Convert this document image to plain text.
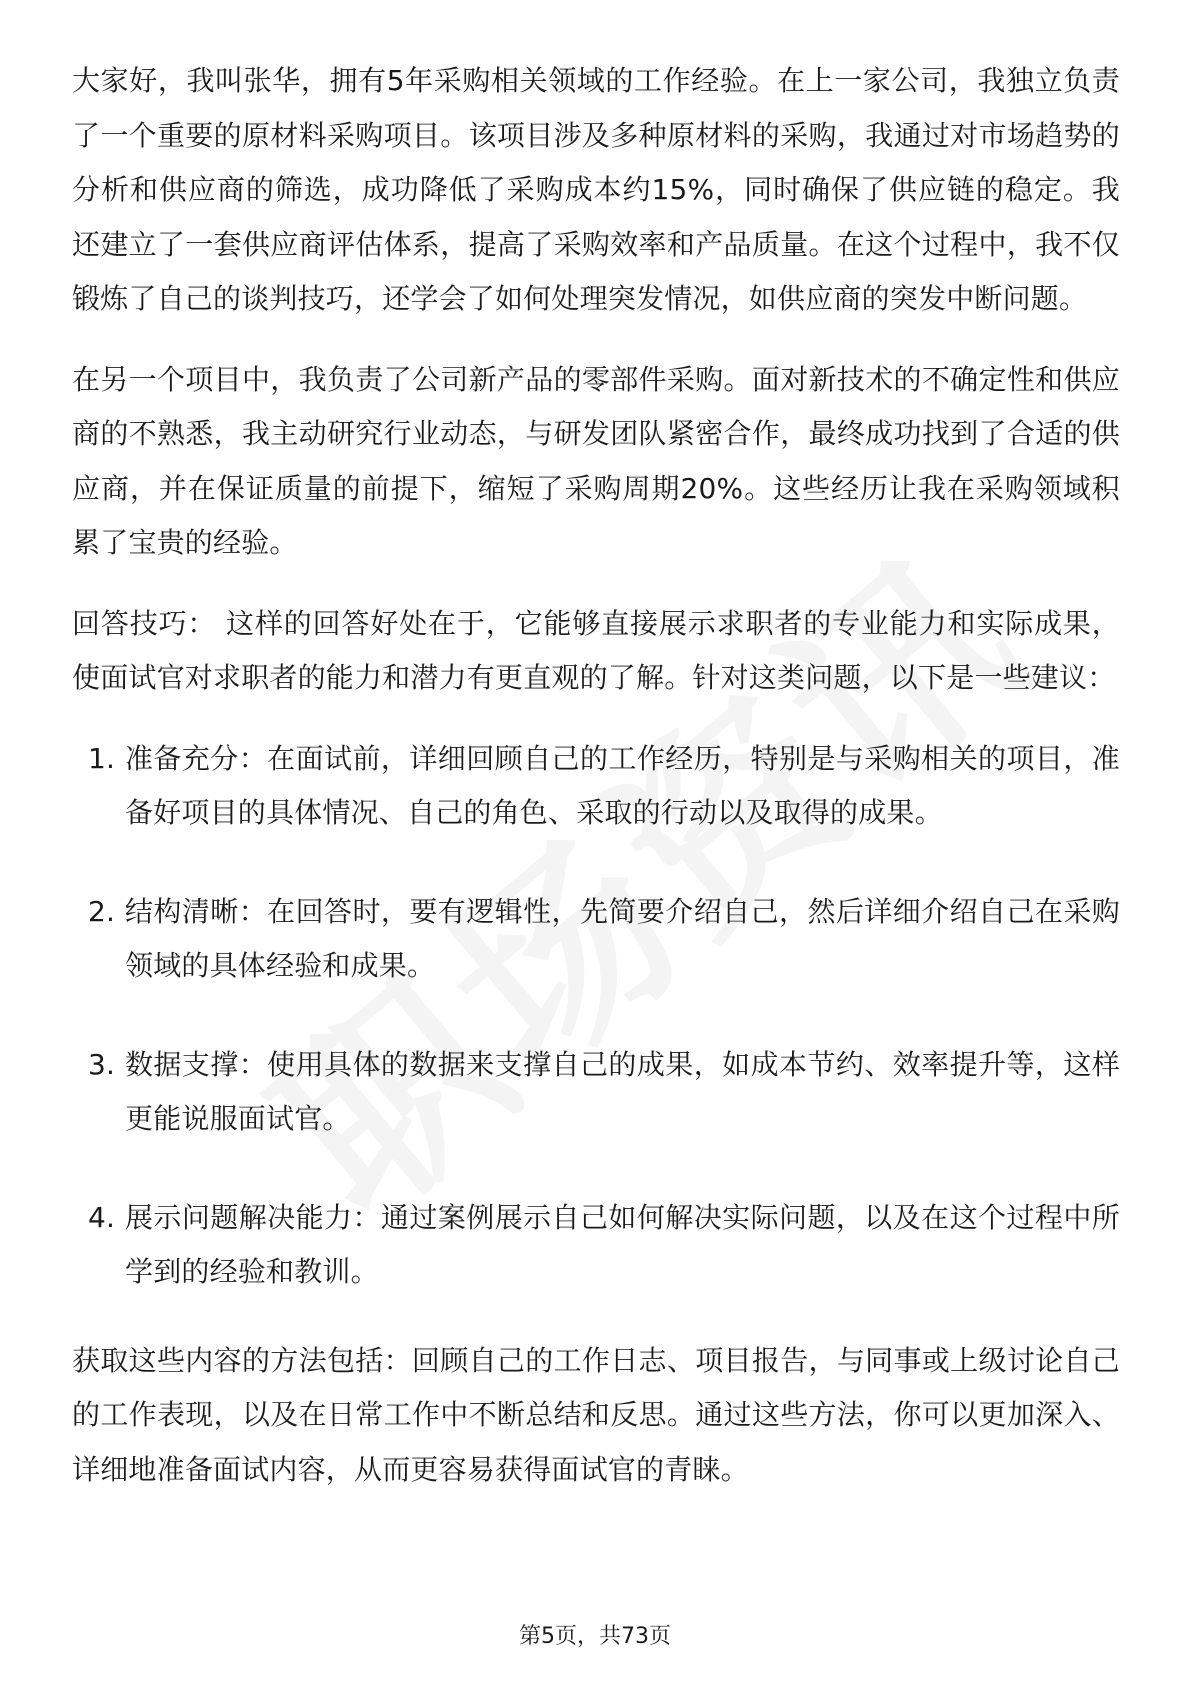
大家好，我叫张华，拥有5年采购相关领域的工作经验。在上一家公司，我独立负责了一个重要的原材料采购项目。该项目涉及多种原材料的采购，我通过对市场趋势的分析和供应商的筛选，成功降低了采购成本约15%，同时确保了供应链的稳定。我还建立了一套供应商评估体系，提高了采购效率和产品质量。在这个过程中，我不仅锻炼了自己的谈判技巧，还学会了如何处理突发情况，如供应商的突发中断问题。

在另一个项目中，我负责了公司新产品的零部件采购。面对新技术的不确定性和供应商的不熟悉，我主动研究行业动态，与研发团队紧密合作，最终成功找到了合适的供应商，并在保证质量的前提下，缩短了采购周期20%。这些经历让我在采购领域积累了宝贵的经验。

回答技巧： 这样的回答好处在于，它能够直接展示求职者的专业能力和实际成果，使面试官对求职者的能力和潜力有更直观的了解。针对这类问题，以下是一些建议：

1. 准备充分：在面试前，详细回顾自己的工作经历，特别是与采购相关的项目，准备好项目的具体情况、自己的角色、采取的行动以及取得的成果。
2. 结构清晰：在回答时，要有逻辑性，先简要介绍自己，然后详细介绍自己在采购领域的具体经验和成果。
3. 数据支撑：使用具体的数据来支撑自己的成果，如成本节约、效率提升等，这样更能说服面试官。
4. 展示问题解决能力：通过案例展示自己如何解决实际问题，以及在这个过程中所学到的经验和教训。

获取这些内容的方法包括：回顾自己的工作日志、项目报告，与同事或上级讨论自己的工作表现，以及在日常工作中不断总结和反思。通过这些方法，你可以更加深入、详细地准备面试内容，从而更容易获得面试官的青睐。

第5页，共73页
